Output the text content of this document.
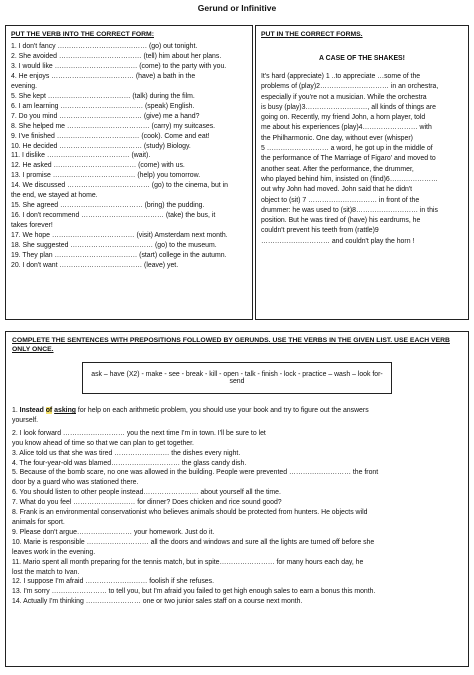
Gerund or Infinitive
PUT THE VERB INTO THE CORRECT FORM:
1. I don't fancy ………………………………… (go) out tonight.
2. She avoided ……………………………… (tell) him about her plans.
3. I would like ……………………………… (come) to the party with you.
4. He enjoys ……………………………… (have) a bath in the
evening.
5. She kept ……………………………… (talk) during the film.
6. I am learning ……………………………… (speak) English.
7. Do you mind ……………………………… (give) me a hand?
8. She helped me ……………………………… (carry) my suitcases.
9. I've finished ……………………………… (cook). Come and eat!
10. He decided ……………………………… (study) Biology.
11. I dislike ……………………………… (wait).
12. He asked ……………………………… (come) with us.
13. I promise ……………………………… (help) you tomorrow.
14. We discussed ……………………………… (go) to the cinema, but in
the end, we stayed at home.
15. She agreed ……………………………… (bring) the pudding.
16. I don't recommend ……………………………… (take) the bus, it
takes forever!
17. We hope ……………………………… (visit) Amsterdam next month.
18. She suggested ……………………………… (go) to the museum.
19. They plan ……………………………… (start) college in the autumn.
20. I don't want ……………………………… (leave) yet.
PUT IN THE CORRECT FORMS.
A CASE OF THE SHAKES!
It's hard (appreciate) 1 ..to appreciate …some of the
problems of (play)2………………………… in an orchestra,
especially if you're not a musician. While the orchestra
is busy (play)3………………………, all kinds of things are
going on. Recently, my friend John, a horn player, told
me about his experiences (play)4…………………… with
the Philharmonic. One day, without ever (whisper)
5 ……………………… a word, he got up in the middle of
the performance of The Marriage of Figaro' and moved to
another seat. After the performance, the drummer,
who played behind him, insisted on (find)6…………………
out why John had moved. John said that he didn't
object to (sit) 7 ………………………… in front of the
drummer: he was used to (sit)8……………………… in this
position. But he was tired of (have) his eardrums, he
couldn't prevent his teeth from (rattle)9
………………………… and couldn't play the horn !
COMPLETE THE SENTENCES WITH PREPOSITIONS FOLLOWED BY GERUNDS. USE THE VERBS IN THE GIVEN LIST. USE EACH VERB ONLY ONCE.
ask – have (X2) - make - see - break - kill - open - talk - finish - lock - practice – wash – look for- send
1. Instead of asking for help on each arithmetic problem, you should use your book and try to figure out the answers
yourself.
2. I look forward ……………………… you the next time I'm in town. I'll be sure to let
you know ahead of time so that we can plan to get together.
3. Alice told us that she was tired …………………… the dishes every night.
4. The four-year-old was blamed………………………… the glass candy dish.
5. Because of the bomb scare, no one was allowed in the building. People were prevented ……………………… the front
door by a guard who was stationed there.
6. You should listen to other people instead…………………… about yourself all the time.
7. What do you feel ……………………… for dinner? Does chicken and rice sound good?
8. Frank is an environmental conservationist who believes animals should be protected from hunters. He objects wild
animals for sport.
9. Please don't argue…………………… your homework. Just do it.
10. Marie is responsible ……………………… all the doors and windows and sure all the lights are turned off before she
leaves work in the evening.
11. Mario spent all month preparing for the tennis match, but in spite…………………… for many hours each day, he
lost the match to Ivan.
12. I suppose I'm afraid ……………………… foolish if she refuses.
13. I'm sorry …………………… to tell you, but I'm afraid you failed to get high enough sales to earn a bonus this month.
14. Actually I'm thinking …………………… one or two junior sales staff on a course next month.
